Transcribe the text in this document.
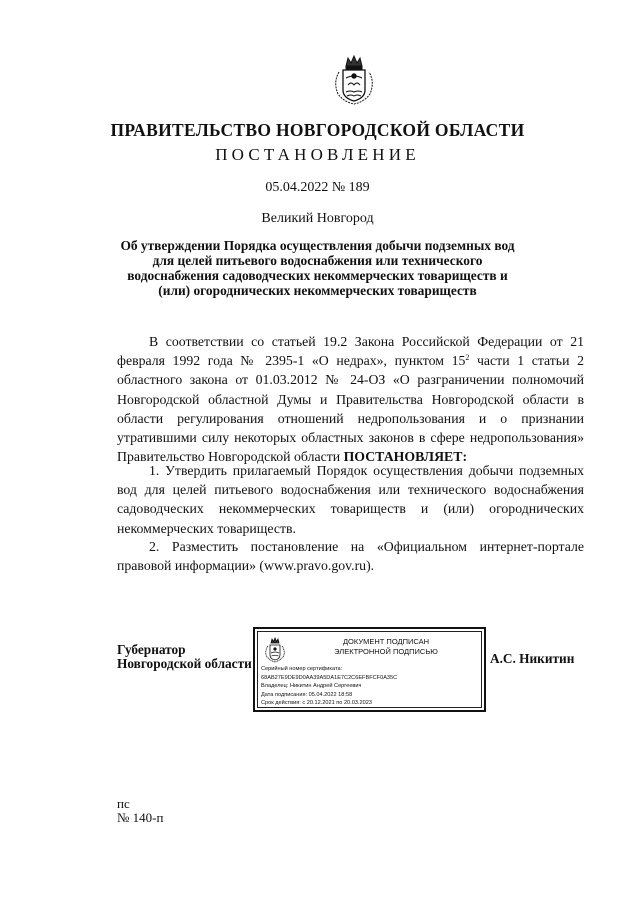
ПРАВИТЕЛЬСТВО НОВГОРОДСКОЙ ОБЛАСТИ
ПОСТАНОВЛЕНИЕ
05.04.2022 № 189
Великий Новгород
Об утверждении Порядка осуществления добычи подземных вод для целей питьевого водоснабжения или технического водоснабжения садоводческих некоммерческих товариществ и (или) огороднических некоммерческих товариществ

В соответствии со статьей 19.2 Закона Российской Федерации от 21 февраля 1992 года № 2395-1 «О недрах», пунктом $15^2$ части 1 статьи 2 областного закона от 01.03.2012 № 24-ОЗ «О разграничении полномочий Новгородской областной Думы и Правительства Новгородской области в области регулирования отношений недропользования и о признании утратившими силу некоторых областных законов в сфере недропользования» Правительство Новгородской области ПОСТАНОВЛЯЕТ:

1. Утвердить прилагаемый Порядок осуществления добычи подземных вод для целей питьевого водоснабжения или технического водоснабжения садоводческих некоммерческих товариществ и (или) огороднических некоммерческих товариществ.

2. Разместить постановление на «Официальном интернет-портале правовой информации» (www.pravo.gov.ru).

Губернатор
Новгородской области
ДОКУМЕНТ ПОДПИСАН
ЭЛЕКТРОННОЙ ПОДПИСЬЮ
Серийный номер сертификата:
68AB27E9DE9D0AA39A5DA1E7C2C6EFBFCF0A35C
Владелец: Никитин Андрей Сергеевич
Дата подписания: 05.04.2022 18:58
Срок действия: с 20.12.2021 по 20.03.2023
А.С. Никитин
пс
№ 140-п
